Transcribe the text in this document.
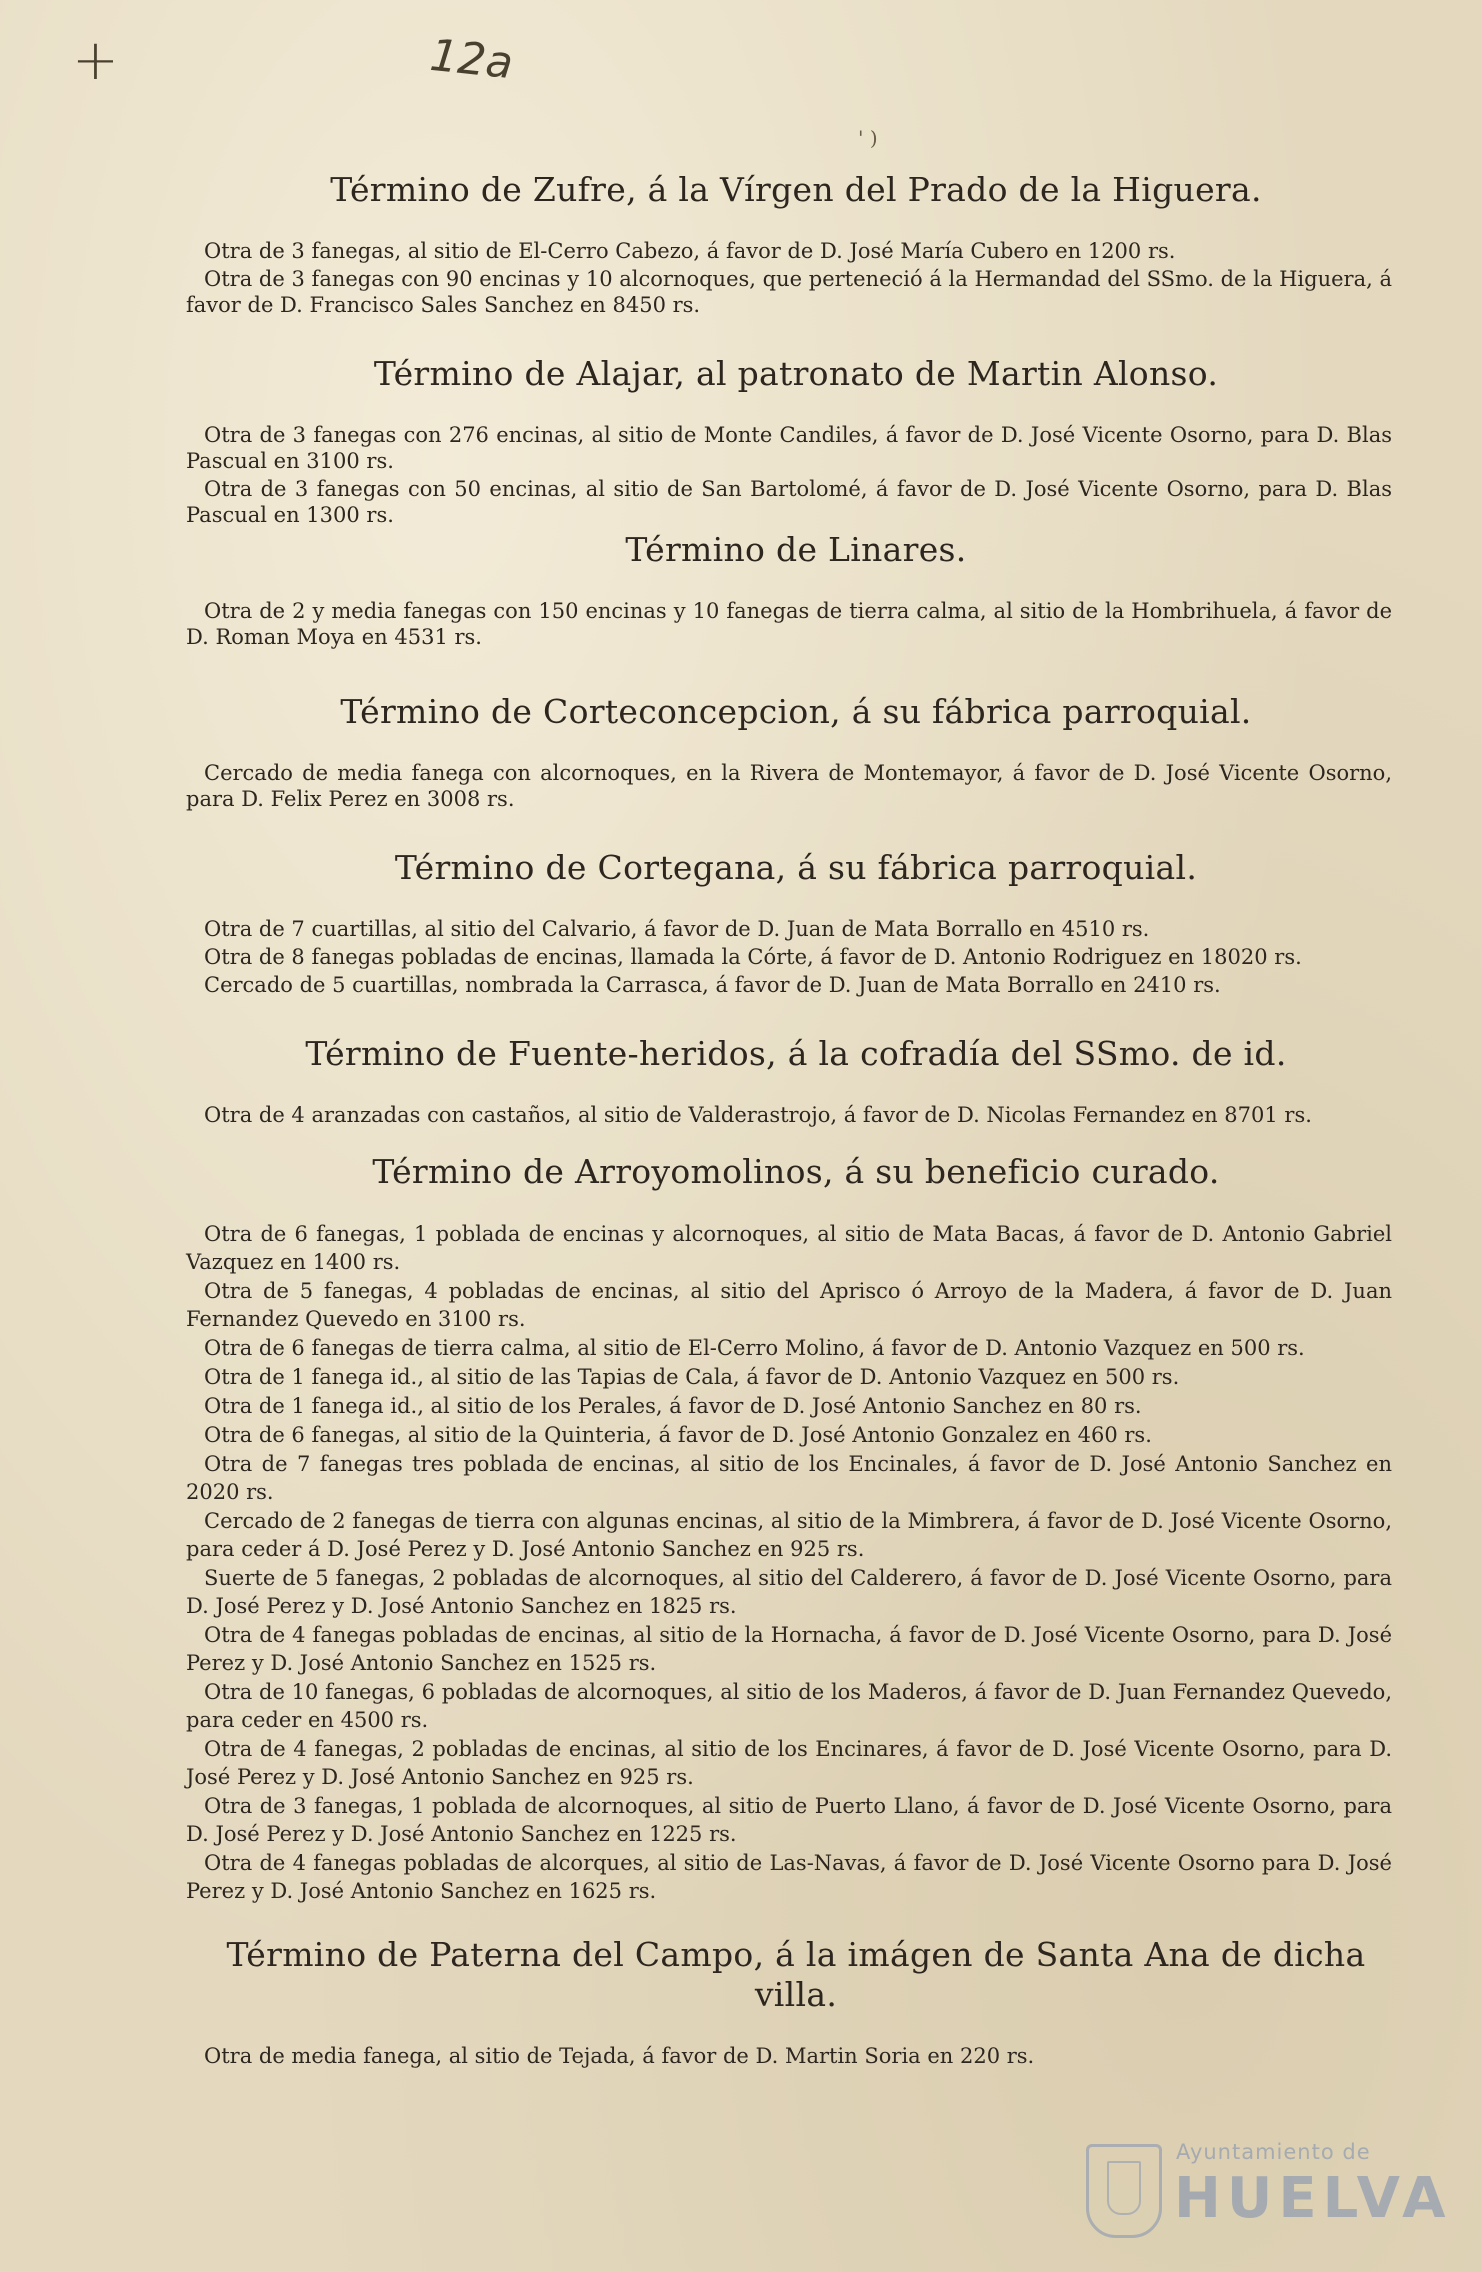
+	12a
' )
Término de Zufre, á la Vírgen del Prado de la Higuera.

Otra de 3 fanegas, al sitio de El-Cerro Cabezo, á favor de D. José María Cubero en 1200 rs.

Otra de 3 fanegas con 90 encinas y 10 alcornoques, que perteneció á la Hermandad del SSmo. de la Higuera, á favor de D. Francisco Sales Sanchez en 8450 rs.

Término de Alajar, al patronato de Martin Alonso.

Otra de 3 fanegas con 276 encinas, al sitio de Monte Candiles, á favor de D. José Vicente Osorno, para D. Blas Pascual en 3100 rs.

Otra de 3 fanegas con 50 encinas, al sitio de San Bartolomé, á favor de D. José Vicente Osorno, para D. Blas Pascual en 1300 rs.

Término de Linares.

Otra de 2 y media fanegas con 150 encinas y 10 fanegas de tierra calma, al sitio de la Hombrihuela, á favor de D. Roman Moya en 4531 rs.

Término de Corteconcepcion, á su fábrica parroquial.

Cercado de media fanega con alcornoques, en la Rivera de Montemayor, á favor de D. José Vicente Osorno, para D. Felix Perez en 3008 rs.

Término de Cortegana, á su fábrica parroquial.

Otra de 7 cuartillas, al sitio del Calvario, á favor de D. Juan de Mata Borrallo en 4510 rs.

Otra de 8 fanegas pobladas de encinas, llamada la Córte, á favor de D. Antonio Rodriguez en 18020 rs.

Cercado de 5 cuartillas, nombrada la Carrasca, á favor de D. Juan de Mata Borrallo en 2410 rs.

Término de Fuente-heridos, á la cofradía del SSmo. de id.

Otra de 4 aranzadas con castaños, al sitio de Valderastrojo, á favor de D. Nicolas Fernandez en 8701 rs.

Término de Arroyomolinos, á su beneficio curado.

Otra de 6 fanegas, 1 poblada de encinas y alcornoques, al sitio de Mata Bacas, á favor de D. Antonio Gabriel Vazquez en 1400 rs.

Otra de 5 fanegas, 4 pobladas de encinas, al sitio del Aprisco ó Arroyo de la Madera, á favor de D. Juan Fernandez Quevedo en 3100 rs.

Otra de 6 fanegas de tierra calma, al sitio de El-Cerro Molino, á favor de D. Antonio Vazquez en 500 rs.

Otra de 1 fanega id., al sitio de las Tapias de Cala, á favor de D. Antonio Vazquez en 500 rs.

Otra de 1 fanega id., al sitio de los Perales, á favor de D. José Antonio Sanchez en 80 rs.

Otra de 6 fanegas, al sitio de la Quinteria, á favor de D. José Antonio Gonzalez en 460 rs.

Otra de 7 fanegas tres poblada de encinas, al sitio de los Encinales, á favor de D. José Antonio Sanchez en 2020 rs.

Cercado de 2 fanegas de tierra con algunas encinas, al sitio de la Mimbrera, á favor de D. José Vicente Osorno, para ceder á D. José Perez y D. José Antonio Sanchez en 925 rs.

Suerte de 5 fanegas, 2 pobladas de alcornoques, al sitio del Calderero, á favor de D. José Vicente Osorno, para D. José Perez y D. José Antonio Sanchez en 1825 rs.

Otra de 4 fanegas pobladas de encinas, al sitio de la Hornacha, á favor de D. José Vicente Osorno, para D. José Perez y D. José Antonio Sanchez en 1525 rs.

Otra de 10 fanegas, 6 pobladas de alcornoques, al sitio de los Maderos, á favor de D. Juan Fernandez Quevedo, para ceder en 4500 rs.

Otra de 4 fanegas, 2 pobladas de encinas, al sitio de los Encinares, á favor de D. José Vicente Osorno, para D. José Perez y D. José Antonio Sanchez en 925 rs.

Otra de 3 fanegas, 1 poblada de alcornoques, al sitio de Puerto Llano, á favor de D. José Vicente Osorno, para D. José Perez y D. José Antonio Sanchez en 1225 rs.

Otra de 4 fanegas pobladas de alcorques, al sitio de Las-Navas, á favor de D. José Vicente Osorno para D. José Perez y D. José Antonio Sanchez en 1625 rs.

Término de Paterna del Campo, á la imágen de Santa Ana de dicha villa.

Otra de media fanega, al sitio de Tejada, á favor de D. Martin Soria en 220 rs.

Ayuntamiento de
HUELVA
